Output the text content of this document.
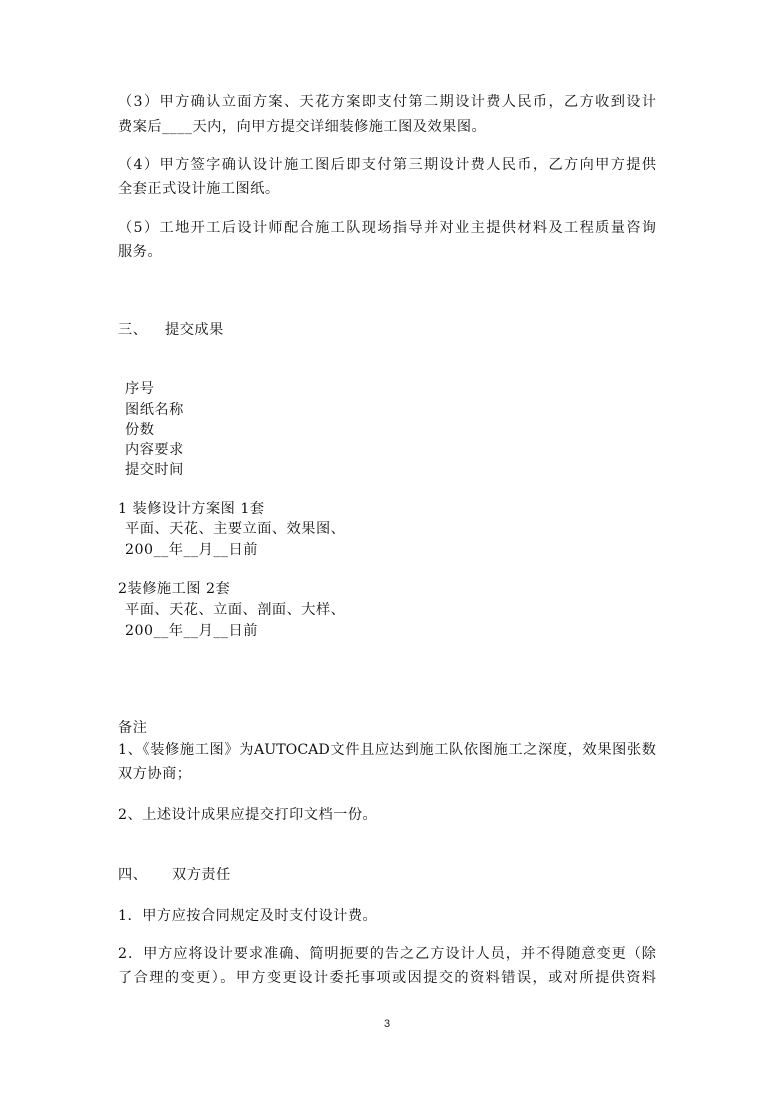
（3）甲方确认立面方案、天花方案即支付第二期设计费人民币，乙方收到设计
费案后____天内，向甲方提交详细装修施工图及效果图。
（4）甲方签字确认设计施工图后即支付第三期设计费人民币，乙方向甲方提供
全套正式设计施工图纸。
（5）工地开工后设计师配合施工队现场指导并对业主提供材料及工程质量咨询
服务。
三、 提交成果
序号
图纸名称
份数
内容要求
提交时间
1 装修设计方案图 1套
平面、天花、主要立面、效果图、
200__年__月__日前
2装修施工图 2套
平面、天花、立面、剖面、大样、
200__年__月__日前
备注
1、《装修施工图》为AUTOCAD文件且应达到施工队依图施工之深度，效果图张数
双方协商；
2、上述设计成果应提交打印文档一份。
四、 双方责任
1．甲方应按合同规定及时支付设计费。
2．甲方应将设计要求准确、简明扼要的告之乙方设计人员，并不得随意变更（除
了合理的变更）。甲方变更设计委托事项或因提交的资料错误，或对所提供资料
3
